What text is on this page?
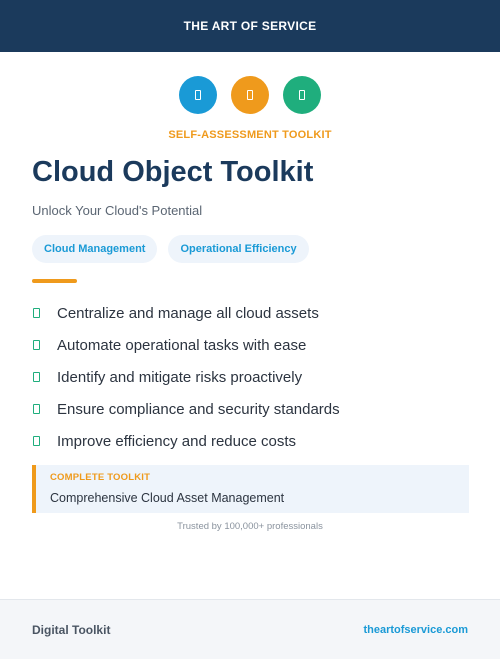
THE ART OF SERVICE
SELF-ASSESSMENT TOOLKIT
Cloud Object Toolkit
Unlock Your Cloud's Potential
Cloud Management	Operational Efficiency
Centralize and manage all cloud assets
Automate operational tasks with ease
Identify and mitigate risks proactively
Ensure compliance and security standards
Improve efficiency and reduce costs
COMPLETE TOOLKIT
Comprehensive Cloud Asset Management
Trusted by 100,000+ professionals
Digital Toolkit	theartofservice.com
